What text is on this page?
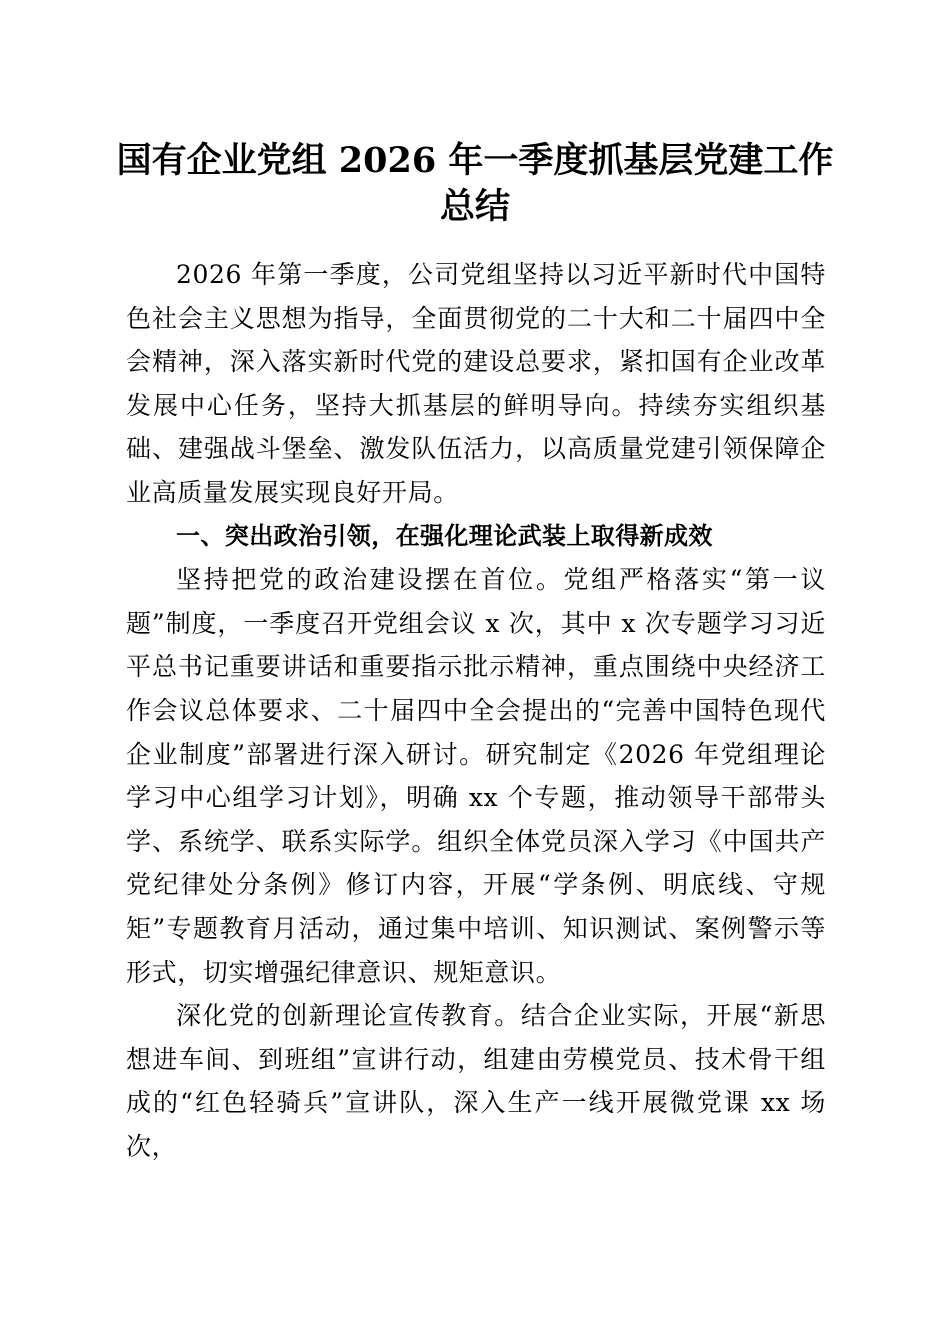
国有企业党组 2026 年一季度抓基层党建工作
总结

2026 年第一季度，公司党组坚持以习近平新时代中国特色社会主义思想为指导，全面贯彻党的二十大和二十届四中全会精神，深入落实新时代党的建设总要求，紧扣国有企业改革发展中心任务，坚持大抓基层的鲜明导向。持续夯实组织基础、建强战斗堡垒、激发队伍活力，以高质量党建引领保障企业高质量发展实现良好开局。

一、突出政治引领，在强化理论武装上取得新成效

坚持把党的政治建设摆在首位。党组严格落实“第一议题”制度，一季度召开党组会议 x 次，其中 x 次专题学习习近平总书记重要讲话和重要指示批示精神，重点围绕中央经济工作会议总体要求、二十届四中全会提出的“完善中国特色现代企业制度”部署进行深入研讨。研究制定《2026 年党组理论学习中心组学习计划》，明确 xx 个专题，推动领导干部带头学、系统学、联系实际学。组织全体党员深入学习《中国共产党纪律处分条例》修订内容，开展“学条例、明底线、守规矩”专题教育月活动，通过集中培训、知识测试、案例警示等形式，切实增强纪律意识、规矩意识。

深化党的创新理论宣传教育。结合企业实际，开展“新思想进车间、到班组”宣讲行动，组建由劳模党员、技术骨干组成的“红色轻骑兵”宣讲队，深入生产一线开展微党课 xx 场次，
